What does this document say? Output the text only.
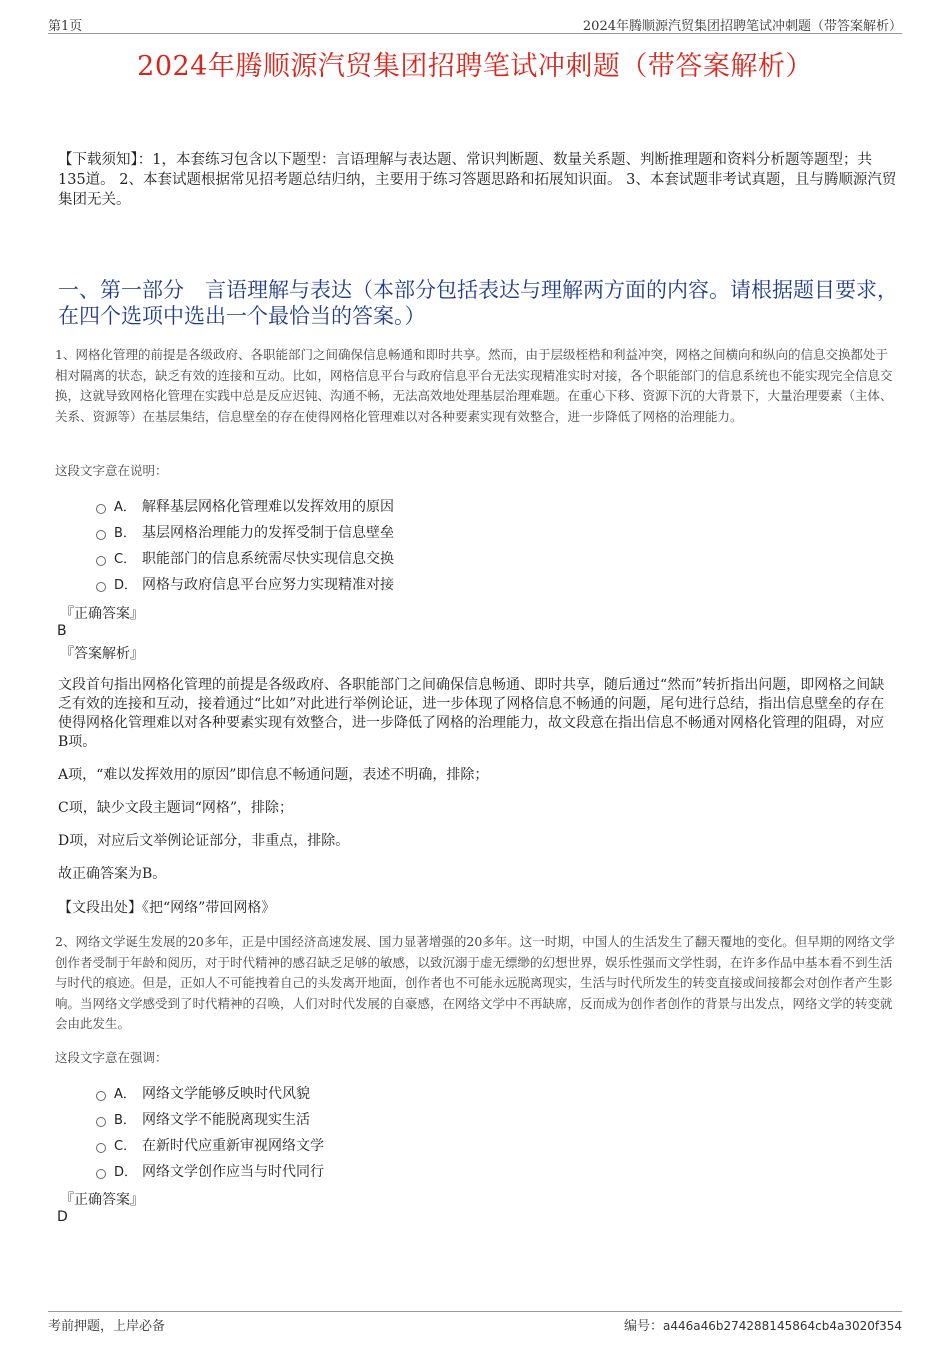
第1页	2024年腾顺源汽贸集团招聘笔试冲刺题（带答案解析）
2024年腾顺源汽贸集团招聘笔试冲刺题（带答案解析）
【下载须知】：1，本套练习包含以下题型：言语理解与表达题、常识判断题、数量关系题、判断推理题和资料分析题等题型；共135道。 2、本套试题根据常见招考题总结归纳，主要用于练习答题思路和拓展知识面。 3、本套试题非考试真题，且与腾顺源汽贸集团无关。
一、第一部分　言语理解与表达（本部分包括表达与理解两方面的内容。请根据题目要求，在四个选项中选出一个最恰当的答案。）
1、网格化管理的前提是各级政府、各职能部门之间确保信息畅通和即时共享。然而，由于层级桎梏和利益冲突，网格之间横向和纵向的信息交换都处于相对隔离的状态，缺乏有效的连接和互动。比如，网格信息平台与政府信息平台无法实现精准实时对接，各个职能部门的信息系统也不能实现完全信息交换，这就导致网格化管理在实践中总是反应迟钝、沟通不畅，无法高效地处理基层治理难题。在重心下移、资源下沉的大背景下，大量治理要素（主体、关系、资源等）在基层集结，信息壁垒的存在使得网格化管理难以对各种要素实现有效整合，进一步降低了网格的治理能力。
这段文字意在说明：
A． 解释基层网格化管理难以发挥效用的原因
B． 基层网格治理能力的发挥受制于信息壁垒
C． 职能部门的信息系统需尽快实现信息交换
D． 网格与政府信息平台应努力实现精准对接
『正确答案』
B
『答案解析』
文段首句指出网格化管理的前提是各级政府、各职能部门之间确保信息畅通、即时共享，随后通过“然而”转折指出问题，即网格之间缺乏有效的连接和互动，接着通过“比如”对此进行举例论证，进一步体现了网格信息不畅通的问题，尾句进行总结，指出信息壁垒的存在使得网格化管理难以对各种要素实现有效整合，进一步降低了网格的治理能力，故文段意在指出信息不畅通对网格化管理的阻碍，对应B项。
A项，“难以发挥效用的原因”即信息不畅通问题，表述不明确，排除；
C项，缺少文段主题词“网格”，排除；
D项，对应后文举例论证部分，非重点，排除。
故正确答案为B。
【文段出处】《把“网络”带回网格》
2、网络文学诞生发展的20多年，正是中国经济高速发展、国力显著增强的20多年。这一时期，中国人的生活发生了翻天覆地的变化。但早期的网络文学创作者受制于年龄和阅历，对于时代精神的感召缺乏足够的敏感，以致沉溺于虚无缥缈的幻想世界，娱乐性强而文学性弱，在许多作品中基本看不到生活与时代的痕迹。但是，正如人不可能拽着自己的头发离开地面，创作者也不可能永远脱离现实，生活与时代所发生的转变直接或间接都会对创作者产生影响。当网络文学感受到了时代精神的召唤，人们对时代发展的自豪感，在网络文学中不再缺席，反而成为创作者创作的背景与出发点，网络文学的转变就会由此发生。
这段文字意在强调：
A． 网络文学能够反映时代风貌
B． 网络文学不能脱离现实生活
C． 在新时代应重新审视网络文学
D． 网络文学创作应当与时代同行
『正确答案』
D
考前押题，上岸必备	编号：a446a46b274288145864cb4a3020f354
